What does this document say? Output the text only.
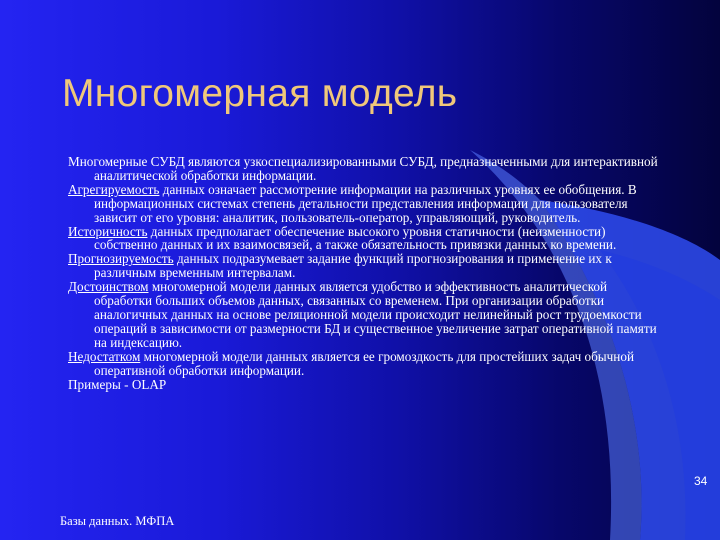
Многомерная модель

Многомерные СУБД являются узкоспециализированными СУБД, предназначенными для интерактивной аналитической обработки информации.

Агрегируемость данных означает рассмотрение информации на различных уровнях ее обобщения. В информационных системах степень детальности представления информации для пользователя зависит от его уровня: аналитик, пользователь-оператор, управляющий, руководитель.

Историчность данных предполагает обеспечение высокого уровня статичности (неизменности) собственно данных и их взаимосвязей, а также обязательность привязки данных ко времени.

Прогнозируемость данных подразумевает задание функций прогнозирования и применение их к различным временным интервалам.

Достоинством многомерной модели данных является удобство и эффективность аналитической обработки больших объемов данных, связанных со временем. При организации обработки аналогичных данных на основе реляционной модели происходит нелинейный рост трудоемкости операций в зависимости от размерности БД и существенное увеличение затрат оперативной памяти на индексацию.

Недостатком многомерной модели данных является ее громоздкость для простейших задач обычной оперативной обработки информации.

Примеры - OLAP

Базы данных. МФПА
34
